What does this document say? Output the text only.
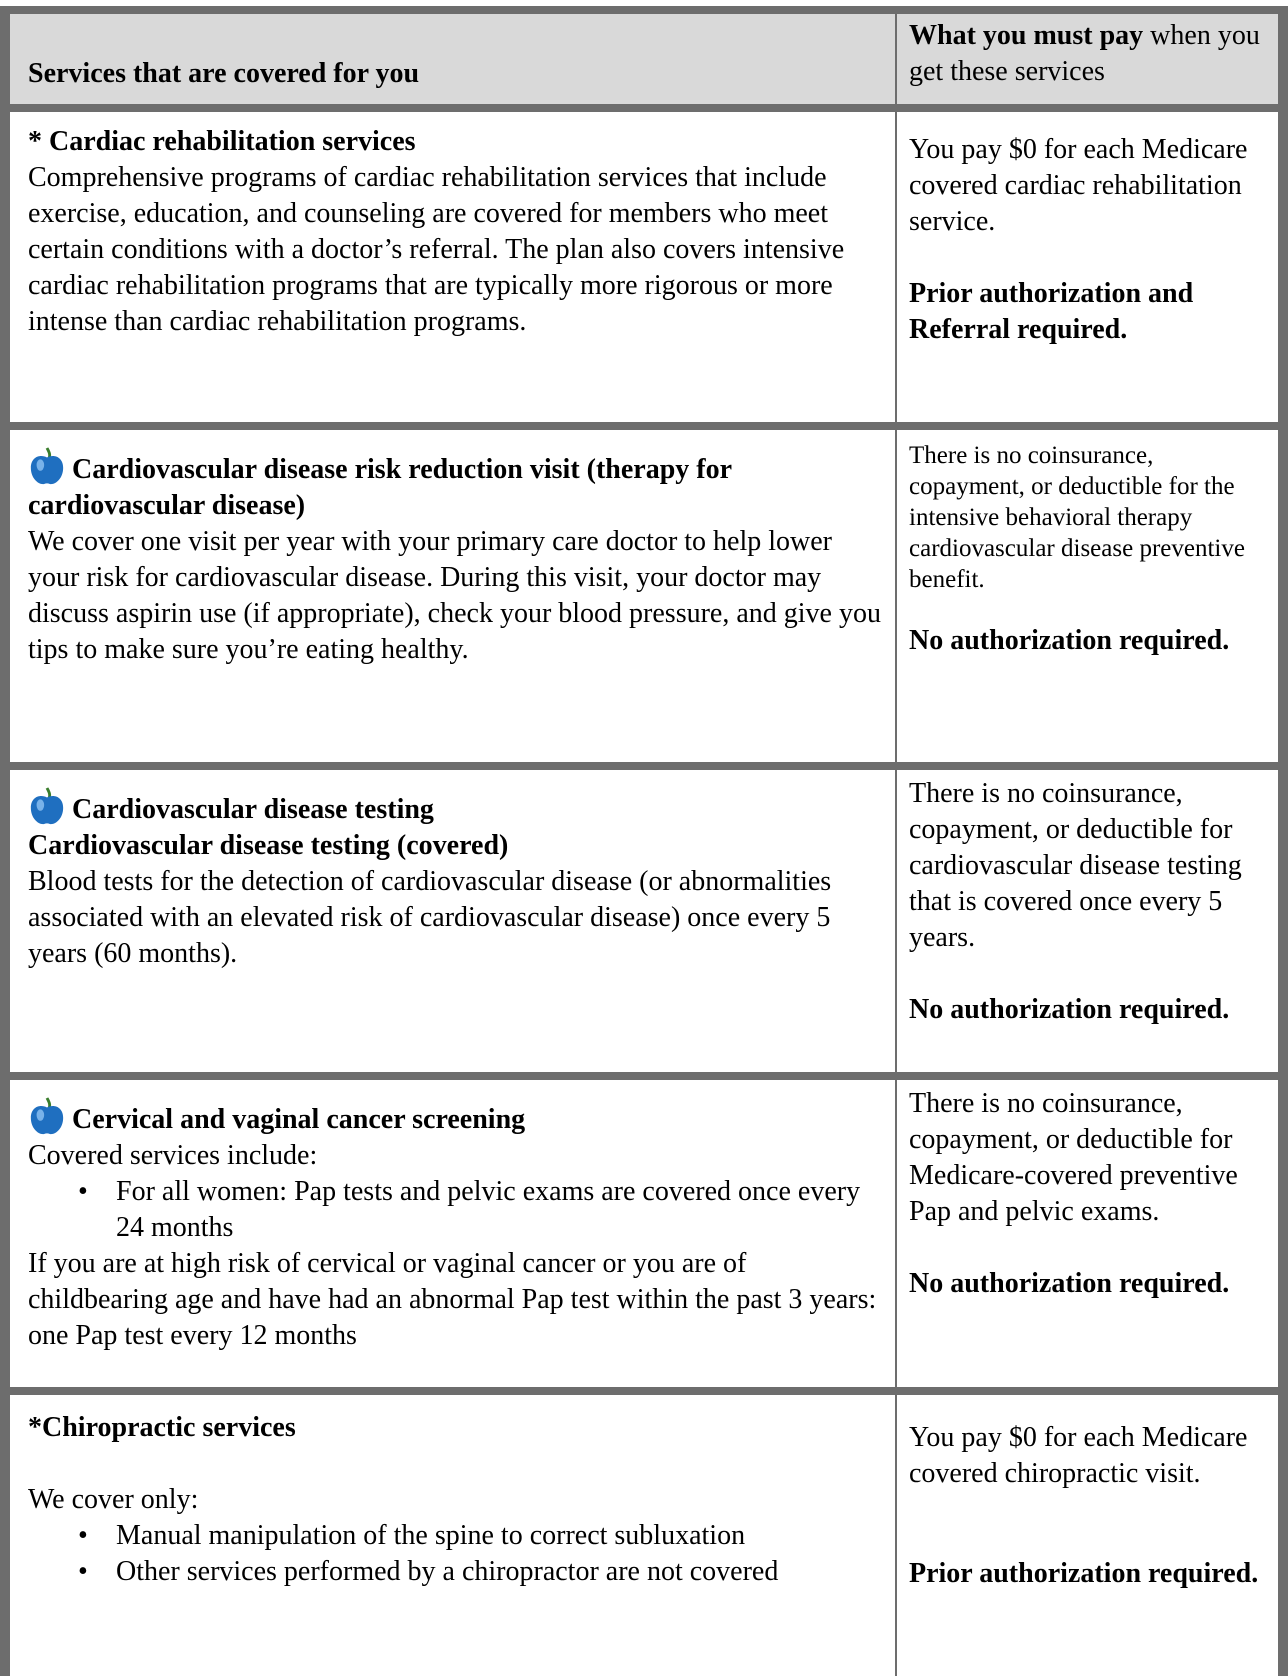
Services that are covered for you
What you must pay when you get these services

* Cardiac rehabilitation services

Comprehensive programs of cardiac rehabilitation services that include exercise, education, and counseling are covered for members who meet certain conditions with a doctor’s referral. The plan also covers intensive cardiac rehabilitation programs that are typically more rigorous or more intense than cardiac rehabilitation programs.

You pay $0 for each Medicare covered cardiac rehabilitation service.

Prior authorization and Referral required.

Cardiovascular disease risk reduction visit (therapy for cardiovascular disease)

We cover one visit per year with your primary care doctor to help lower your risk for cardiovascular disease. During this visit, your doctor may discuss aspirin use (if appropriate), check your blood pressure, and give you tips to make sure you’re eating healthy.

There is no coinsurance, copayment, or deductible for the intensive behavioral therapy cardiovascular disease preventive benefit.

No authorization required.

Cardiovascular disease testing

Cardiovascular disease testing (covered)

Blood tests for the detection of cardiovascular disease (or abnormalities associated with an elevated risk of cardiovascular disease) once every 5 years (60 months).

There is no coinsurance, copayment, or deductible for cardiovascular disease testing that is covered once every 5 years.

No authorization required.

Cervical and vaginal cancer screening

Covered services include:

• For all women: Pap tests and pelvic exams are covered once every 24 months

If you are at high risk of cervical or vaginal cancer or you are of childbearing age and have had an abnormal Pap test within the past 3 years: one Pap test every 12 months

There is no coinsurance, copayment, or deductible for Medicare-covered preventive Pap and pelvic exams.

No authorization required.

*Chiropractic services

We cover only:

• Manual manipulation of the spine to correct subluxation
• Other services performed by a chiropractor are not covered

You pay $0 for each Medicare covered chiropractic visit.

Prior authorization required.
